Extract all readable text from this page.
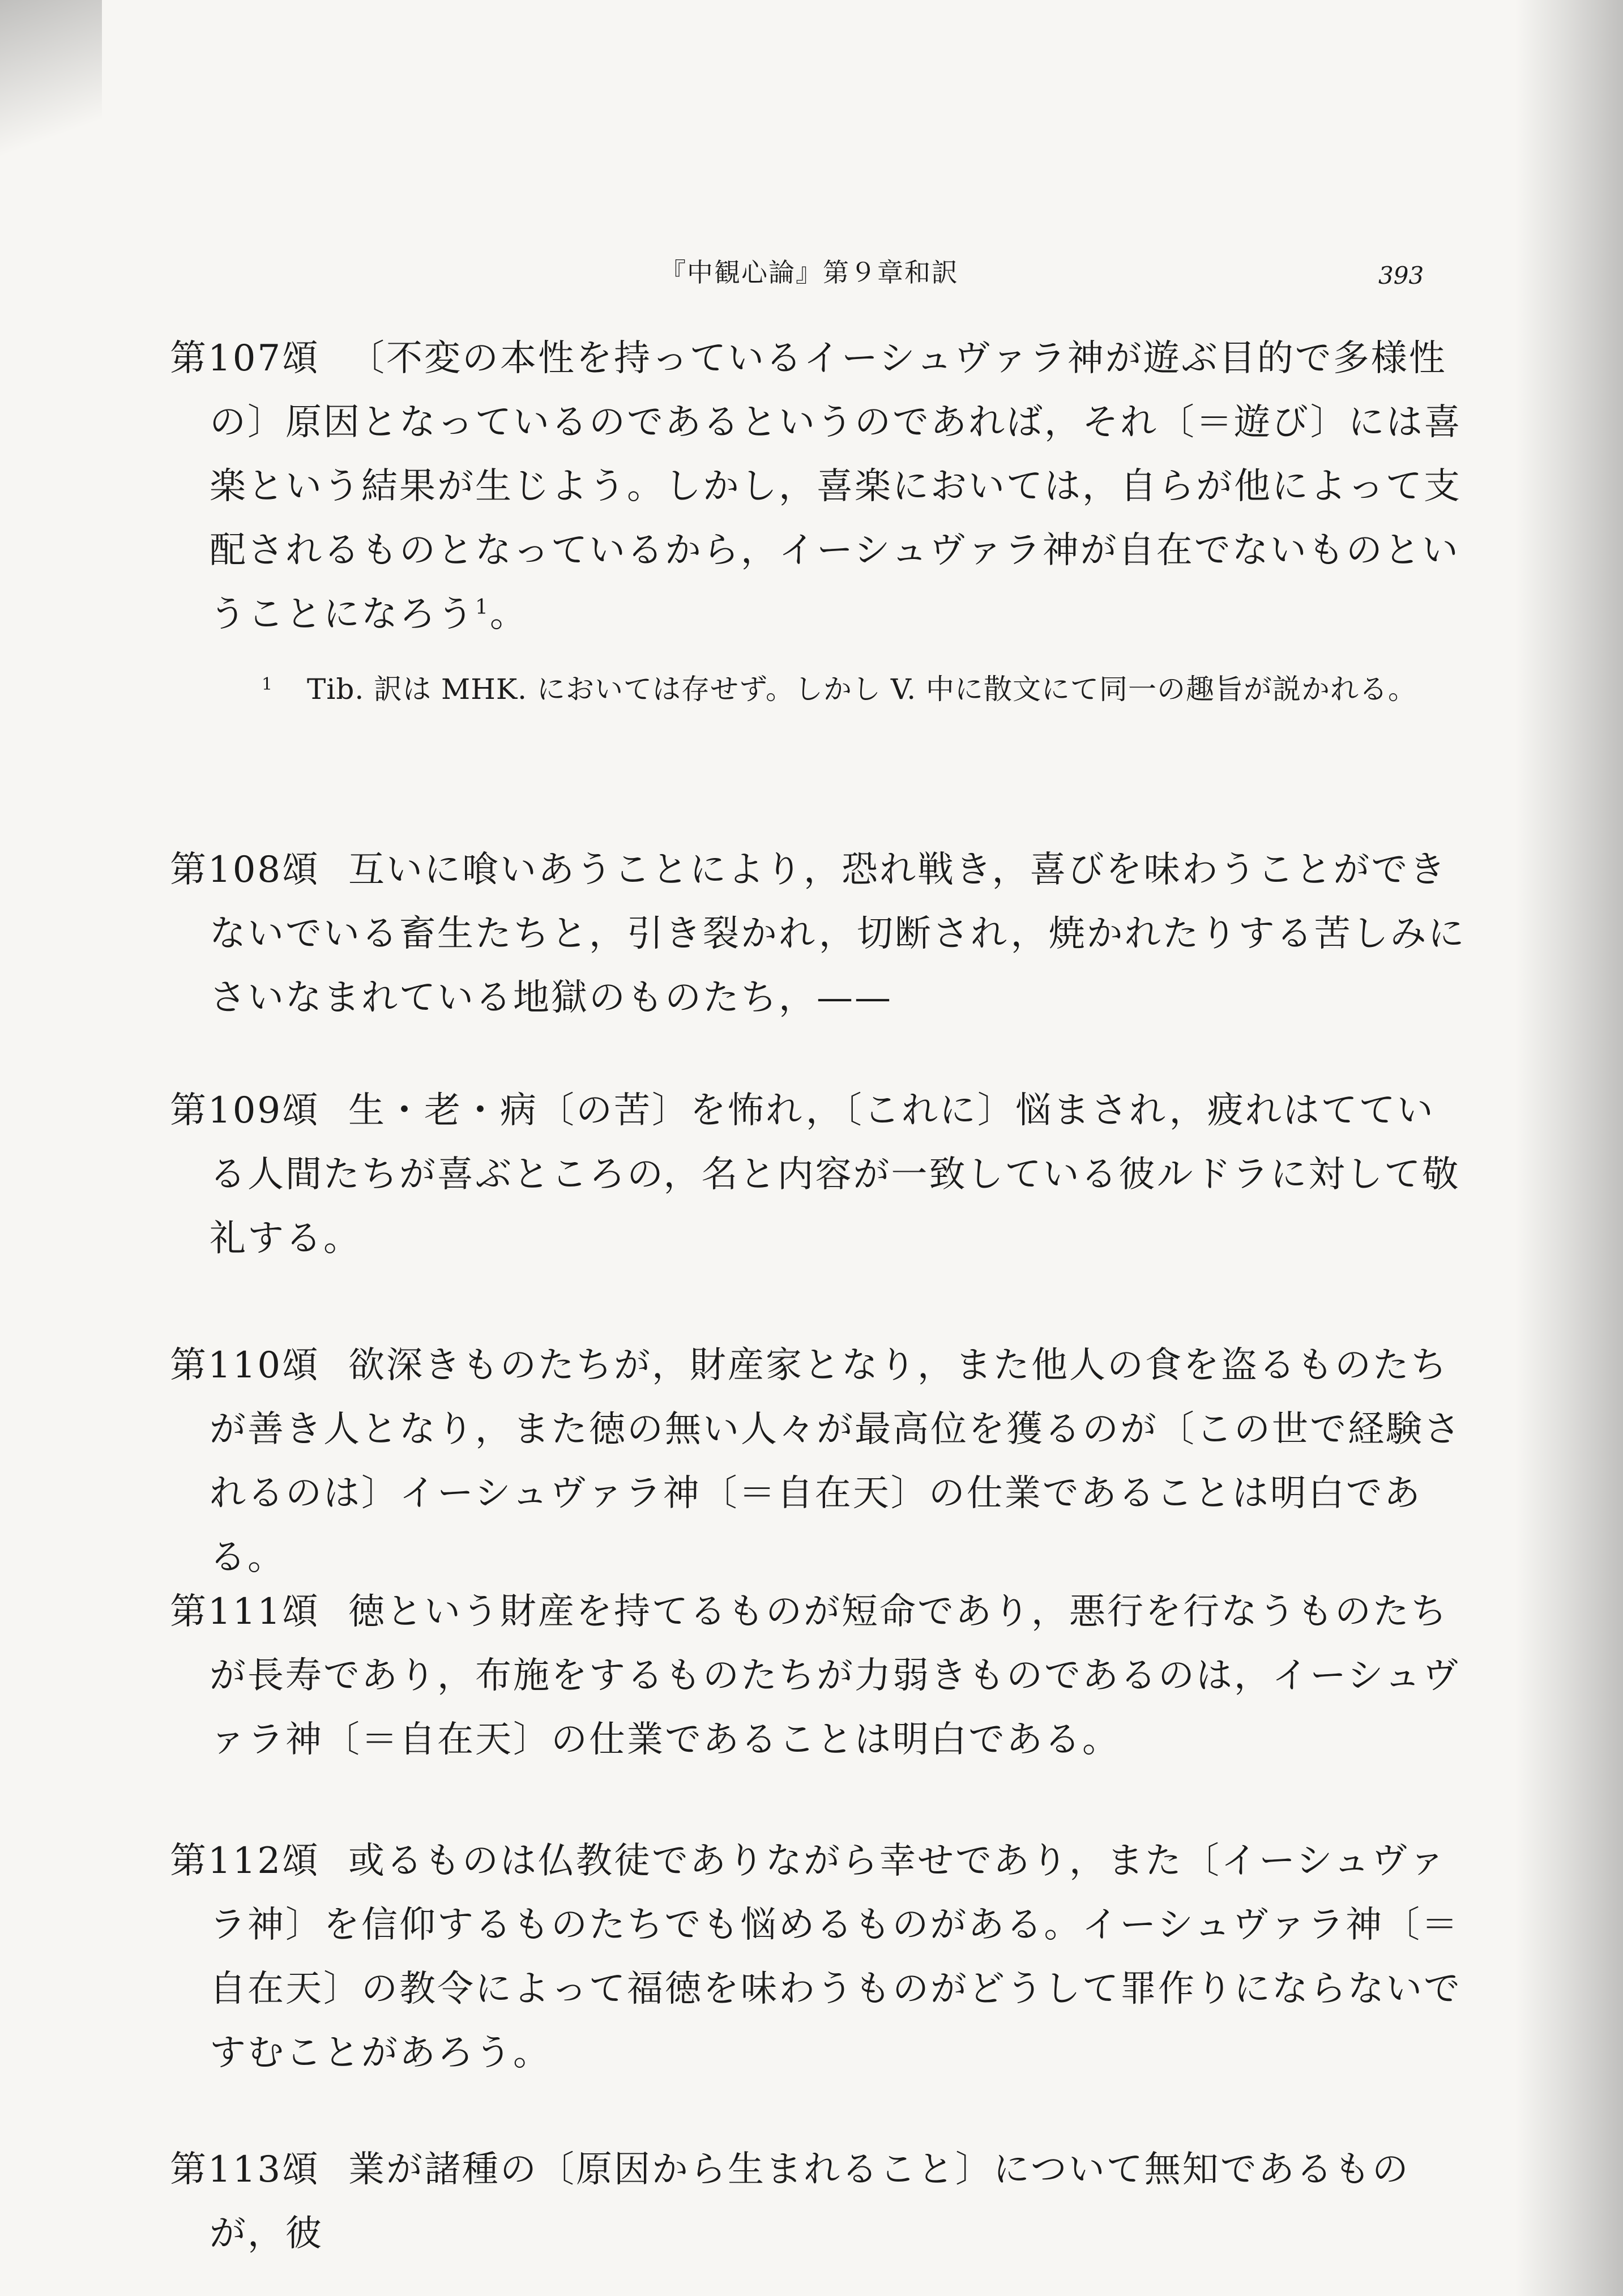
『中観心論』第９章和訳	393
第107頌 〔不変の本性を持っているイーシュヴァラ神が遊ぶ目的で多様性の〕原因となっているのであるというのであれば，それ〔＝遊び〕には喜楽という結果が生じよう。しかし，喜楽においては，自らが他によって支配されるものとなっているから，イーシュヴァラ神が自在でないものということになろう$^1$。
1	Tib. 訳は MHK. においては存せず。しかし V. 中に散文にて同一の趣旨が説かれる。
第108頌 互いに喰いあうことにより，恐れ戦き，喜びを味わうことができないでいる畜生たちと，引き裂かれ，切断され，焼かれたりする苦しみにさいなまれている地獄のものたち，——
第109頌 生・老・病〔の苦〕を怖れ，〔これに〕悩まされ，疲れはてている人間たちが喜ぶところの，名と内容が一致している彼ルドラに対して敬礼する。
第110頌 欲深きものたちが，財産家となり，また他人の食を盗るものたちが善き人となり，また徳の無い人々が最高位を獲るのが〔この世で経験されるのは〕イーシュヴァラ神〔＝自在天〕の仕業であることは明白である。
第111頌 徳という財産を持てるものが短命であり，悪行を行なうものたちが長寿であり，布施をするものたちが力弱きものであるのは，イーシュヴァラ神〔＝自在天〕の仕業であることは明白である。
第112頌 或るものは仏教徒でありながら幸せであり，また〔イーシュヴァラ神〕を信仰するものたちでも悩めるものがある。イーシュヴァラ神〔＝自在天〕の教令によって福徳を味わうものがどうして罪作りにならないですむことがあろう。
第113頌 業が諸種の〔原因から生まれること〕について無知であるものが，彼
